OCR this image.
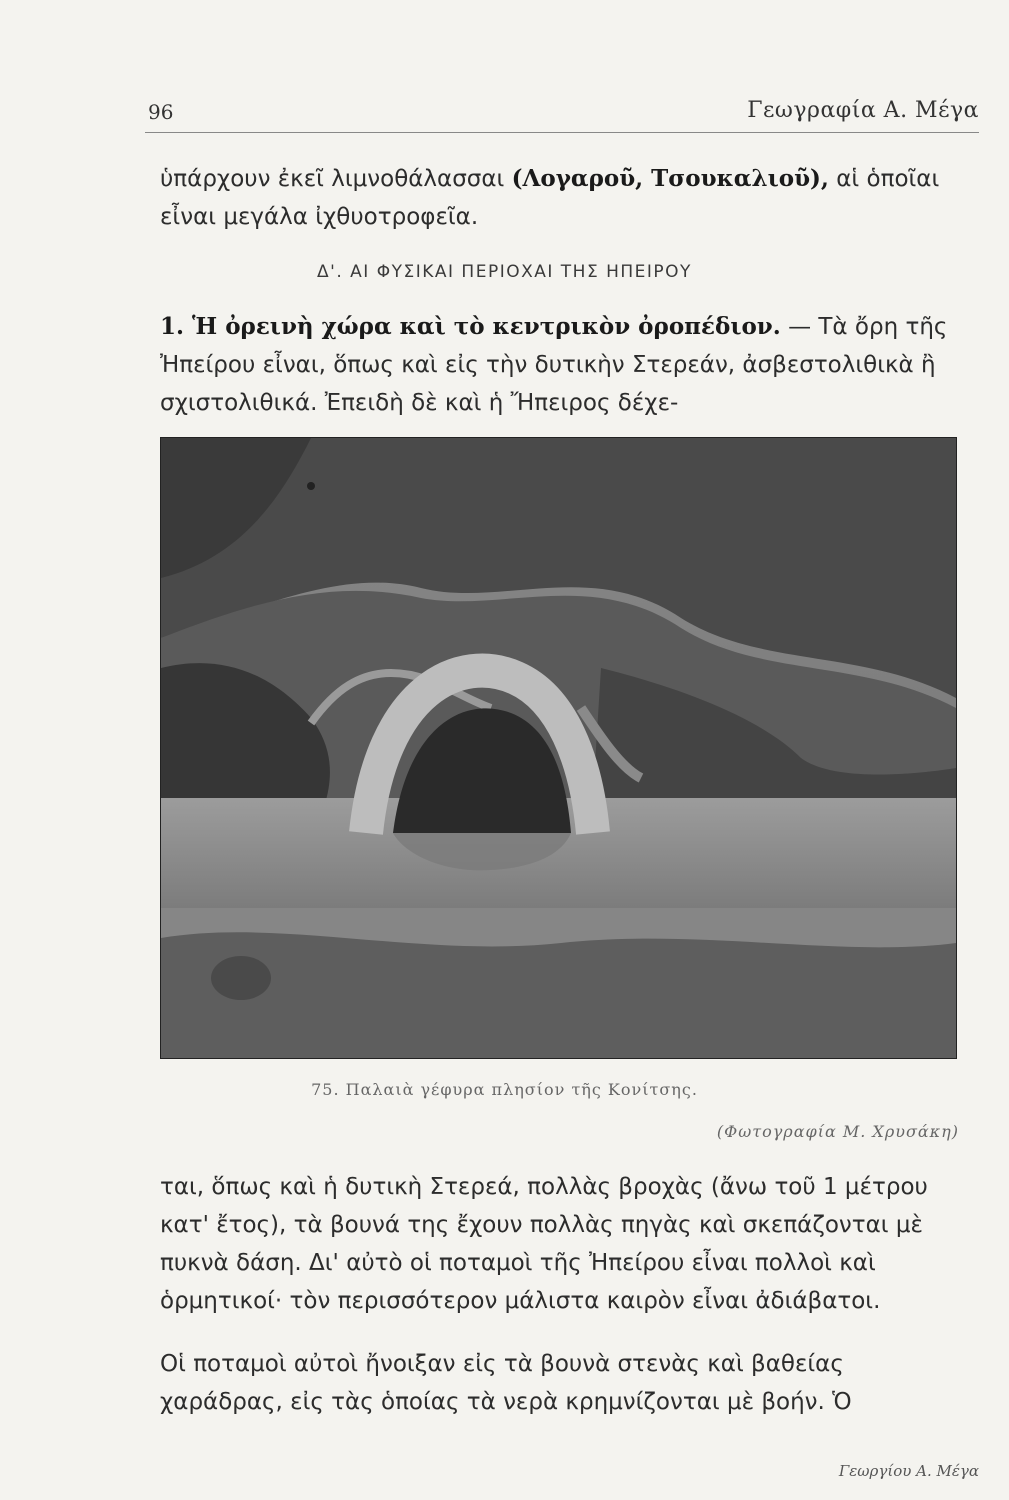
96	Γεωγραφία Α. Μέγα
ὑπάρχουν ἐκεῖ λιμνοθάλασσαι (Λογαροῦ, Τσουκαλιοῦ), αἱ ὁποῖαι εἶναι μεγάλα ἰχθυοτροφεῖα.
Δ'. ΑΙ ΦΥΣΙΚΑΙ ΠΕΡΙΟΧΑΙ ΤΗΣ ΗΠΕΙΡΟΥ
1. Ἡ ὀρεινὴ χώρα καὶ τὸ κεντρικὸν ὀροπέδιον. — Τὰ ὄρη τῆς Ἠπείρου εἶναι, ὅπως καὶ εἰς τὴν δυτικὴν Στερεάν, ἀσβεστολιθικὰ ἢ σχιστολιθικά. Ἐπειδὴ δὲ καὶ ἡ Ἤπειρος δέχε-
75. Παλαιὰ γέφυρα πλησίον τῆς Κονίτσης.
(Φωτογραφία Μ. Χρυσάκη)
ται, ὅπως καὶ ἡ δυτικὴ Στερεά, πολλὰς βροχὰς (ἄνω τοῦ 1 μέτρου κατ' ἔτος), τὰ βουνά της ἔχουν πολλὰς πηγὰς καὶ σκεπάζονται μὲ πυκνὰ δάση. Δι' αὐτὸ οἱ ποταμοὶ τῆς Ἠπείρου εἶναι πολλοὶ καὶ ὁρμητικοί· τὸν περισσότερον μάλιστα καιρὸν εἶναι ἀδιάβατοι.
Οἱ ποταμοὶ αὐτοὶ ἤνοιξαν εἰς τὰ βουνὰ στενὰς καὶ βαθείας χαράδρας, εἰς τὰς ὁποίας τὰ νερὰ κρημνίζονται μὲ βοήν. Ὁ
Γεωργίου Α. Μέγα
